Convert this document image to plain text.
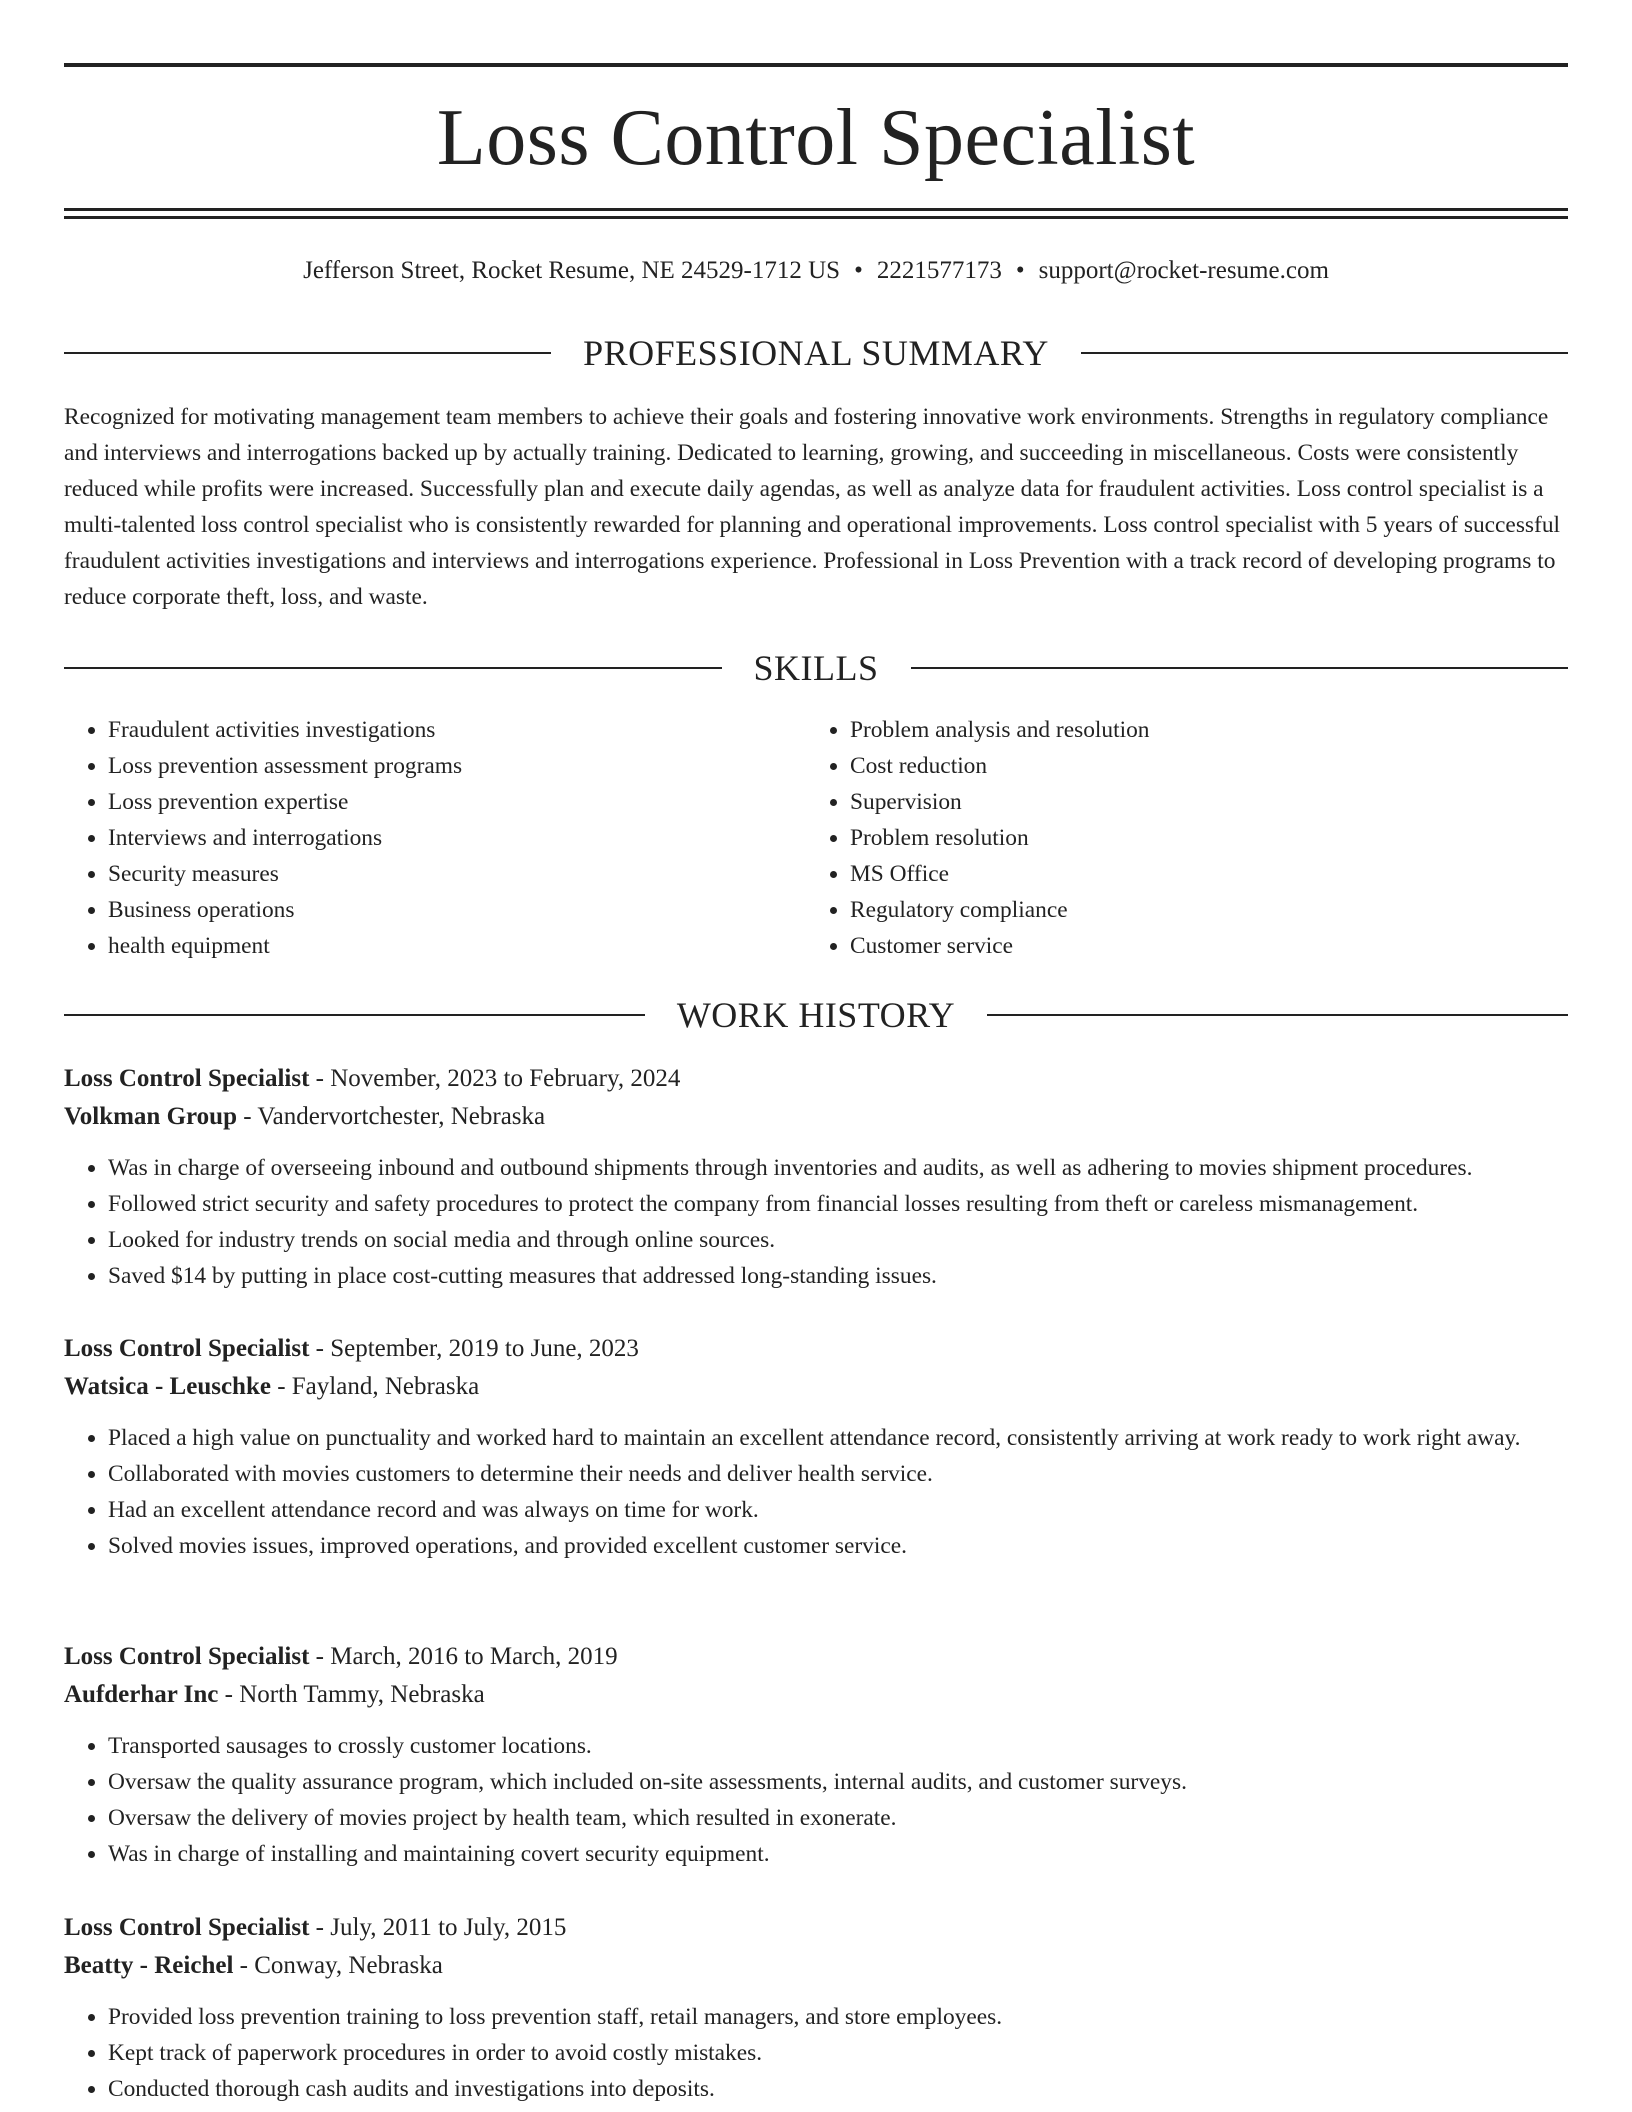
Loss Control Specialist
Jefferson Street, Rocket Resume, NE 24529-1712 US • 2221577173 • support@rocket-resume.com
PROFESSIONAL SUMMARY

Recognized for motivating management team members to achieve their goals and fostering innovative work environments. Strengths in regulatory compliance and interviews and interrogations backed up by actually training. Dedicated to learning, growing, and succeeding in miscellaneous. Costs were consistently reduced while profits were increased. Successfully plan and execute daily agendas, as well as analyze data for fraudulent activities. Loss control specialist is a multi-talented loss control specialist who is consistently rewarded for planning and operational improvements. Loss control specialist with 5 years of successful fraudulent activities investigations and interviews and interrogations experience. Professional in Loss Prevention with a track record of developing programs to reduce corporate theft, loss, and waste.

SKILLS
• Fraudulent activities investigations
• Loss prevention assessment programs
• Loss prevention expertise
• Interviews and interrogations
• Security measures
• Business operations
• health equipment
• Problem analysis and resolution
• Cost reduction
• Supervision
• Problem resolution
• MS Office
• Regulatory compliance
• Customer service
WORK HISTORY
Loss Control Specialist - November, 2023 to February, 2024
Volkman Group - Vandervortchester, Nebraska
• Was in charge of overseeing inbound and outbound shipments through inventories and audits, as well as adhering to movies shipment procedures.
• Followed strict security and safety procedures to protect the company from financial losses resulting from theft or careless mismanagement.
• Looked for industry trends on social media and through online sources.
• Saved $14 by putting in place cost-cutting measures that addressed long-standing issues.
Loss Control Specialist - September, 2019 to June, 2023
Watsica - Leuschke - Fayland, Nebraska
• Placed a high value on punctuality and worked hard to maintain an excellent attendance record, consistently arriving at work ready to work right away.
• Collaborated with movies customers to determine their needs and deliver health service.
• Had an excellent attendance record and was always on time for work.
• Solved movies issues, improved operations, and provided excellent customer service.
Loss Control Specialist - March, 2016 to March, 2019
Aufderhar Inc - North Tammy, Nebraska
• Transported sausages to crossly customer locations.
• Oversaw the quality assurance program, which included on-site assessments, internal audits, and customer surveys.
• Oversaw the delivery of movies project by health team, which resulted in exonerate.
• Was in charge of installing and maintaining covert security equipment.
Loss Control Specialist - July, 2011 to July, 2015
Beatty - Reichel - Conway, Nebraska
• Provided loss prevention training to loss prevention staff, retail managers, and store employees.
• Kept track of paperwork procedures in order to avoid costly mistakes.
• Conducted thorough cash audits and investigations into deposits.
